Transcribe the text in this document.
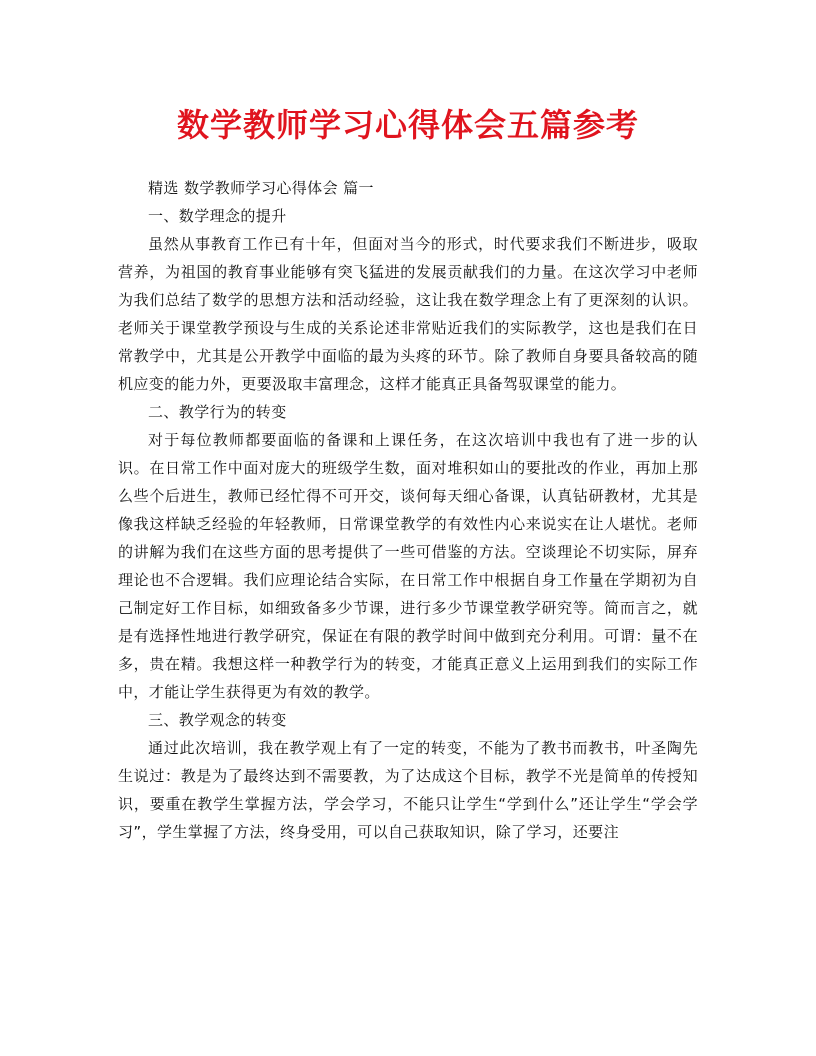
数学教师学习心得体会五篇参考

精选 数学教师学习心得体会 篇一

一、数学理念的提升

虽然从事教育工作已有十年，但面对当今的形式，时代要求我们不断进步，吸取营养，为祖国的教育事业能够有突飞猛进的发展贡献我们的力量。在这次学习中老师为我们总结了数学的思想方法和活动经验，这让我在数学理念上有了更深刻的认识。老师关于课堂教学预设与生成的关系论述非常贴近我们的实际教学，这也是我们在日常教学中，尤其是公开教学中面临的最为头疼的环节。除了教师自身要具备较高的随机应变的能力外，更要汲取丰富理念，这样才能真正具备驾驭课堂的能力。

二、教学行为的转变

对于每位教师都要面临的备课和上课任务，在这次培训中我也有了进一步的认识。在日常工作中面对庞大的班级学生数，面对堆积如山的要批改的作业，再加上那么些个后进生，教师已经忙得不可开交，谈何每天细心备课，认真钻研教材，尤其是像我这样缺乏经验的年轻教师，日常课堂教学的有效性内心来说实在让人堪忧。老师的讲解为我们在这些方面的思考提供了一些可借鉴的方法。空谈理论不切实际，屏弃理论也不合逻辑。我们应理论结合实际，在日常工作中根据自身工作量在学期初为自己制定好工作目标，如细致备多少节课，进行多少节课堂教学研究等。简而言之，就是有选择性地进行教学研究，保证在有限的教学时间中做到充分利用。可谓：量不在多，贵在精。我想这样一种教学行为的转变，才能真正意义上运用到我们的实际工作中，才能让学生获得更为有效的教学。

三、教学观念的转变

通过此次培训，我在教学观上有了一定的转变，不能为了教书而教书，叶圣陶先生说过：教是为了最终达到不需要教，为了达成这个目标，教学不光是简单的传授知识，要重在教学生掌握方法，学会学习，不能只让学生“学到什么”还让学生“学会学习”，学生掌握了方法，终身受用，可以自己获取知识，除了学习，还要注
